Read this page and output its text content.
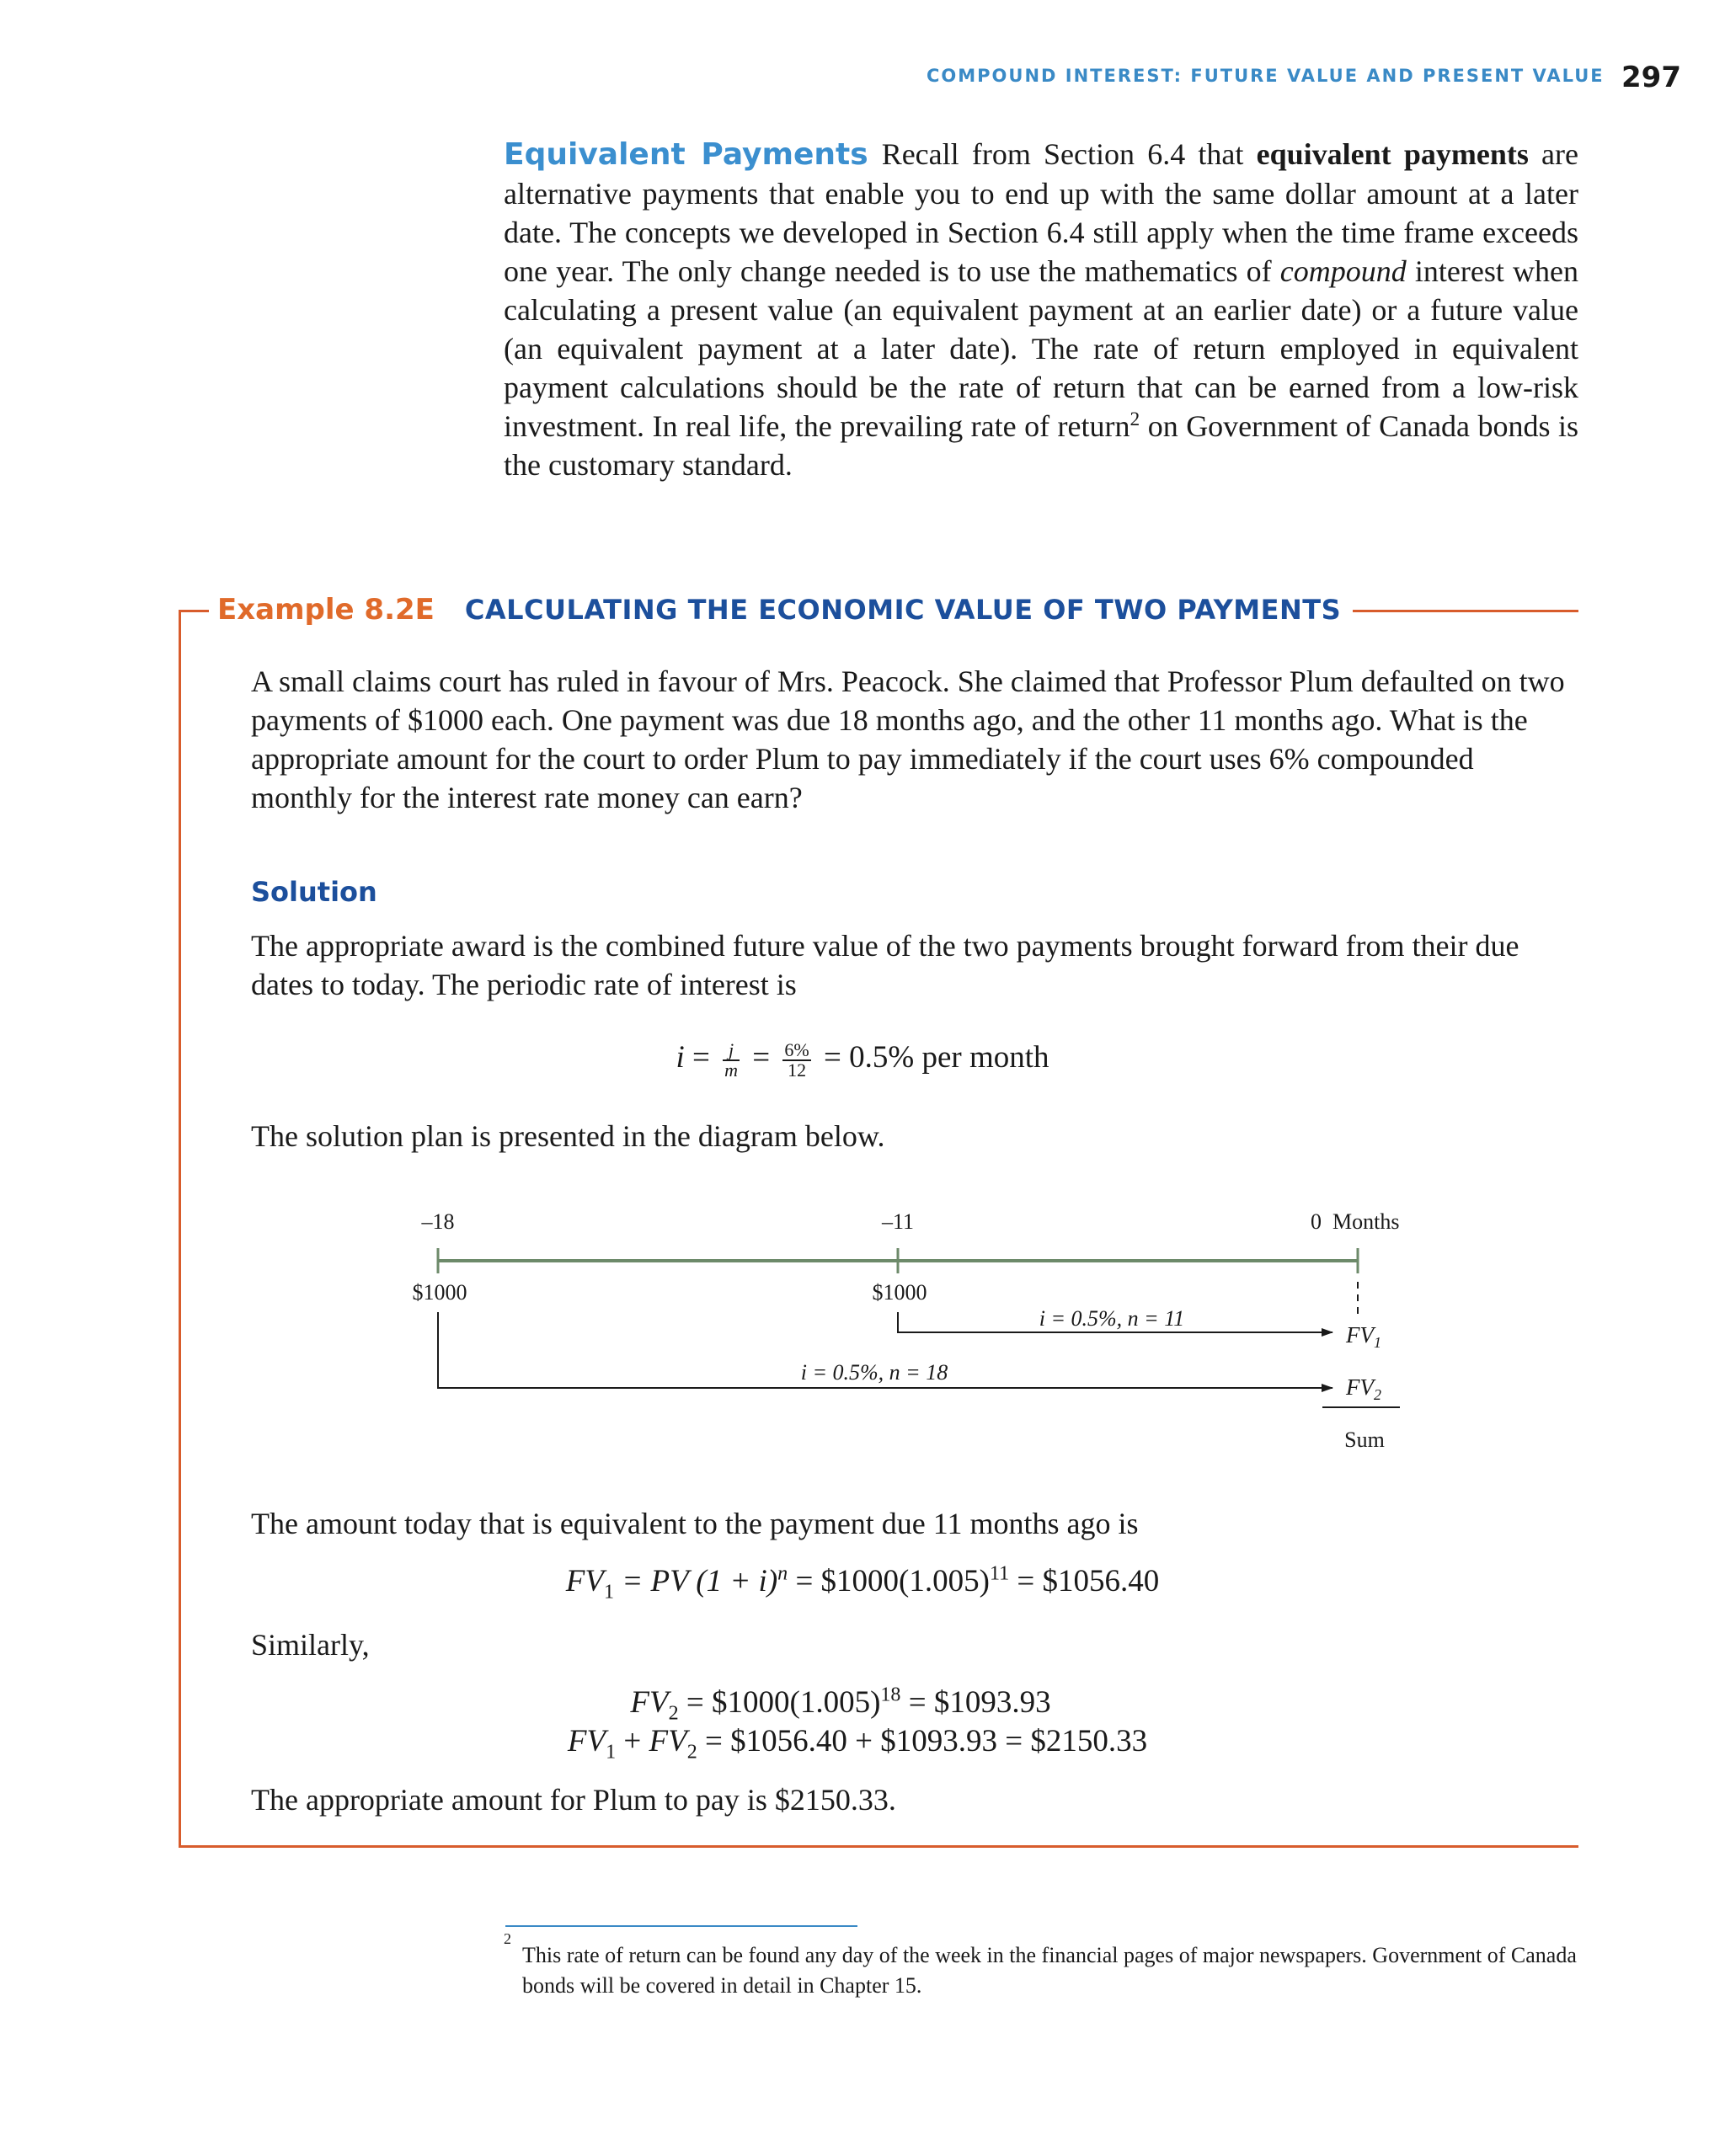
COMPOUND INTEREST: FUTURE VALUE AND PRESENT VALUE 297

Equivalent Payments Recall from Section 6.4 that equivalent payments are alternative payments that enable you to end up with the same dollar amount at a later date. The concepts we developed in Section 6.4 still apply when the time frame exceeds one year. The only change needed is to use the mathematics of compound interest when calculating a present value (an equivalent payment at an earlier date) or a future value (an equivalent payment at a later date). The rate of return employed in equivalent payment calculations should be the rate of return that can be earned from a low-risk investment. In real life, the prevailing rate of return$^2$ on Government of Canada bonds is the customary standard.

Example 8.2E CALCULATING THE ECONOMIC VALUE OF TWO PAYMENTS

A small claims court has ruled in favour of Mrs. Peacock. She claimed that Professor Plum defaulted on two payments of $1000 each. One payment was due 18 months ago, and the other 11 months ago. What is the appropriate amount for the court to order Plum to pay immediately if the court uses 6% compounded monthly for the interest rate money can earn?

Solution

The appropriate award is the combined future value of the two payments brought forward from their due dates to today. The periodic rate of interest is

$i = \frac{j}{m} = \frac{6\%}{12} = 0.5\%$ per month

The solution plan is presented in the diagram below.

–18	–11	0  Months
$1000	$1000
i = 0.5%, n = 11
$FV_1$
i = 0.5%, n = 18
$FV_2$
Sum

The amount today that is equivalent to the payment due 11 months ago is

$FV_1$ = PV $(1 + i)^n$ = $\$1000(1.005)^{11}$ = $1056.40

Similarly,

$FV_2$ = $\$1000(1.005)^{18}$ = $1093.93
$FV_1 + FV_2$ = $1056.40 + $1093.93 = $2150.33

The appropriate amount for Plum to pay is $2150.33.

2
This rate of return can be found any day of the week in the financial pages of major newspapers. Government of Canada bonds will be covered in detail in Chapter 15.
